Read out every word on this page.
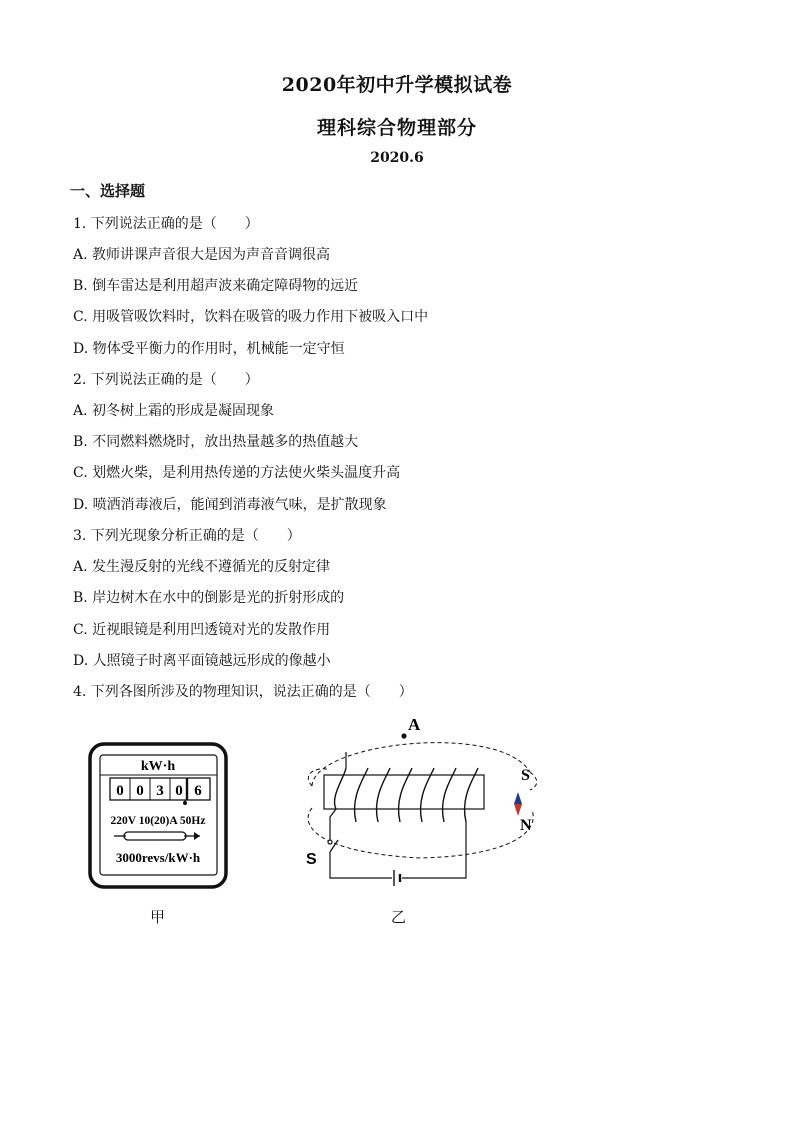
2020年初中升学模拟试卷
理科综合物理部分
2020.6
一、选择题
1. 下列说法正确的是（　　）
A. 教师讲课声音很大是因为声音音调很高
B. 倒车雷达是利用超声波来确定障碍物的远近
C. 用吸管吸饮料时，饮料在吸管的吸力作用下被吸入口中
D. 物体受平衡力的作用时，机械能一定守恒
2. 下列说法正确的是（　　）
A. 初冬树上霜的形成是凝固现象
B. 不同燃料燃烧时，放出热量越多的热值越大
C. 划燃火柴，是利用热传递的方法使火柴头温度升高
D. 喷洒消毒液后，能闻到消毒液气味，是扩散现象
3. 下列光现象分析正确的是（　　）
A. 发生漫反射的光线不遵循光的反射定律
B. 岸边树木在水中的倒影是光的折射形成的
C. 近视眼镜是利用凹透镜对光的发散作用
D. 人照镜子时离平面镜越远形成的像越小
4. 下列各图所涉及的物理知识，说法正确的是（　　）
kW·h
0 0 3 0 6
220V 10(20)A 50Hz
3000revs/kW·h
甲
A
S
S
N
乙
